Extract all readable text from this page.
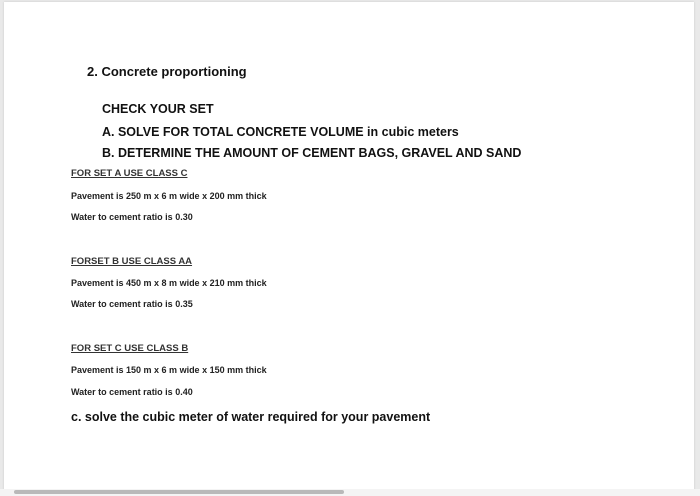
2. Concrete proportioning
CHECK YOUR SET
A. SOLVE FOR TOTAL CONCRETE VOLUME in cubic meters
B. DETERMINE THE AMOUNT OF CEMENT BAGS, GRAVEL AND SAND
FOR SET A USE CLASS C
Pavement is 250 m x 6 m wide x 200 mm thick
Water to cement ratio is 0.30
FORSET B USE CLASS AA
Pavement is 450 m x 8 m wide x 210 mm thick
Water to cement ratio is 0.35
FOR SET C USE CLASS B
Pavement is 150 m x 6 m wide x 150 mm thick
Water to cement ratio is 0.40
c. solve the cubic meter of water required for your pavement
